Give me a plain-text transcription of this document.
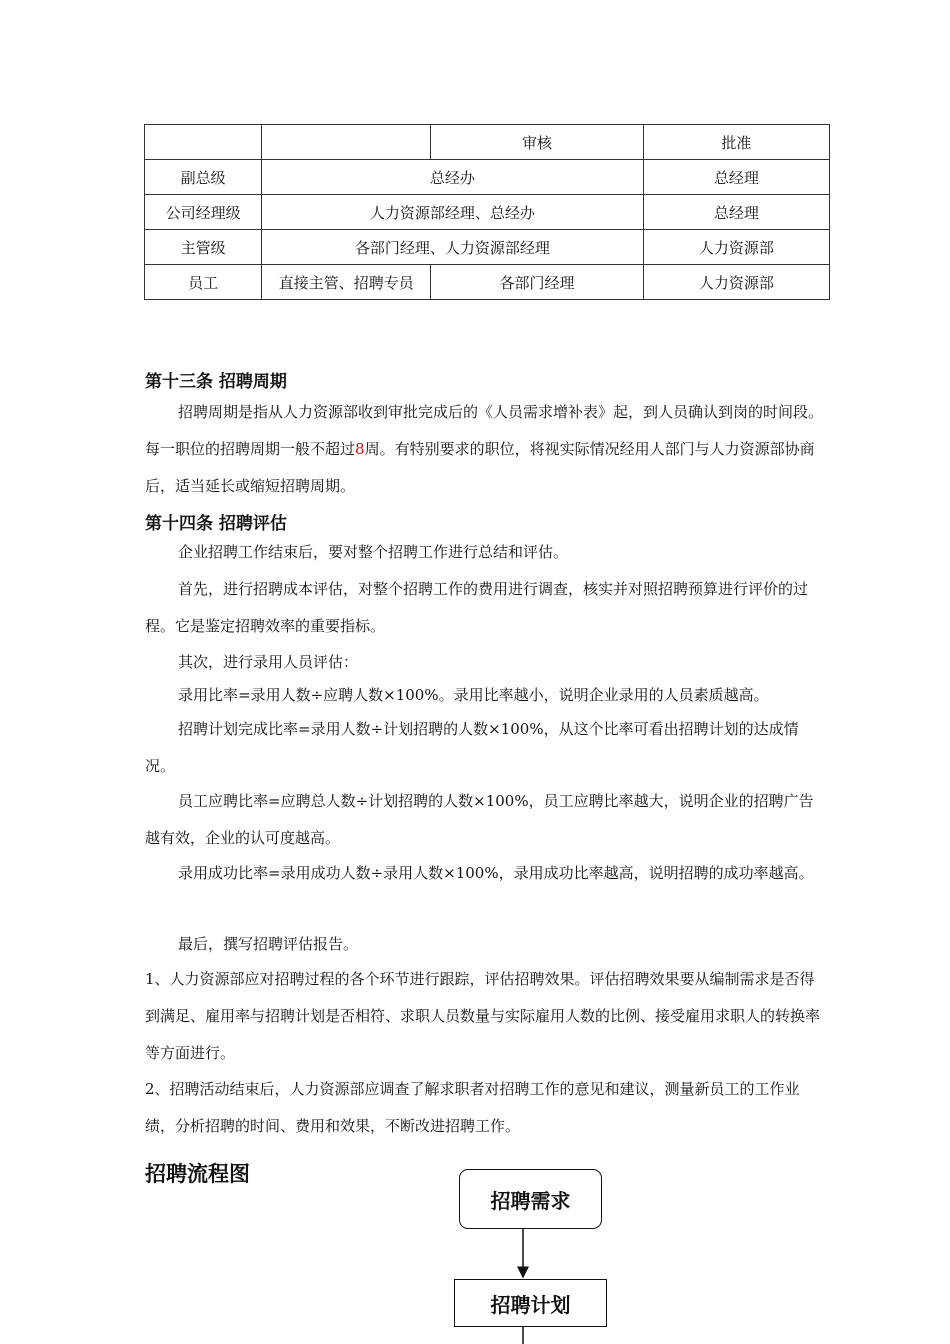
		审核	批准
副总级	总经办		总经理
公司经理级	人力资源部经理、总经办		总经理
主管级	各部门经理、人力资源部经理		人力资源部
员工	直接主管、招聘专员	各部门经理	人力资源部
第十三条 招聘周期

招聘周期是指从人力资源部收到审批完成后的《人员需求增补表》起，到人员确认到岗的时间段。每一职位的招聘周期一般不超过8周。有特别要求的职位，将视实际情况经用人部门与人力资源部协商后，适当延长或缩短招聘周期。

第十四条 招聘评估

企业招聘工作结束后，要对整个招聘工作进行总结和评估。

首先，进行招聘成本评估，对整个招聘工作的费用进行调查，核实并对照招聘预算进行评价的过程。它是鉴定招聘效率的重要指标。

其次，进行录用人员评估：

录用比率=录用人数÷应聘人数×100%。录用比率越小，说明企业录用的人员素质越高。

招聘计划完成比率=录用人数÷计划招聘的人数×100%，从这个比率可看出招聘计划的达成情况。

员工应聘比率=应聘总人数÷计划招聘的人数×100%，员工应聘比率越大，说明企业的招聘广告越有效，企业的认可度越高。

录用成功比率=录用成功人数÷录用人数×100%，录用成功比率越高，说明招聘的成功率越高。

最后，撰写招聘评估报告。

1、人力资源部应对招聘过程的各个环节进行跟踪，评估招聘效果。评估招聘效果要从编制需求是否得到满足、雇用率与招聘计划是否相符、求职人员数量与实际雇用人数的比例、接受雇用求职人的转换率等方面进行。

2、招聘活动结束后，人力资源部应调查了解求职者对招聘工作的意见和建议，测量新员工的工作业绩，分析招聘的时间、费用和效果，不断改进招聘工作。

招聘流程图
招聘需求
招聘计划
